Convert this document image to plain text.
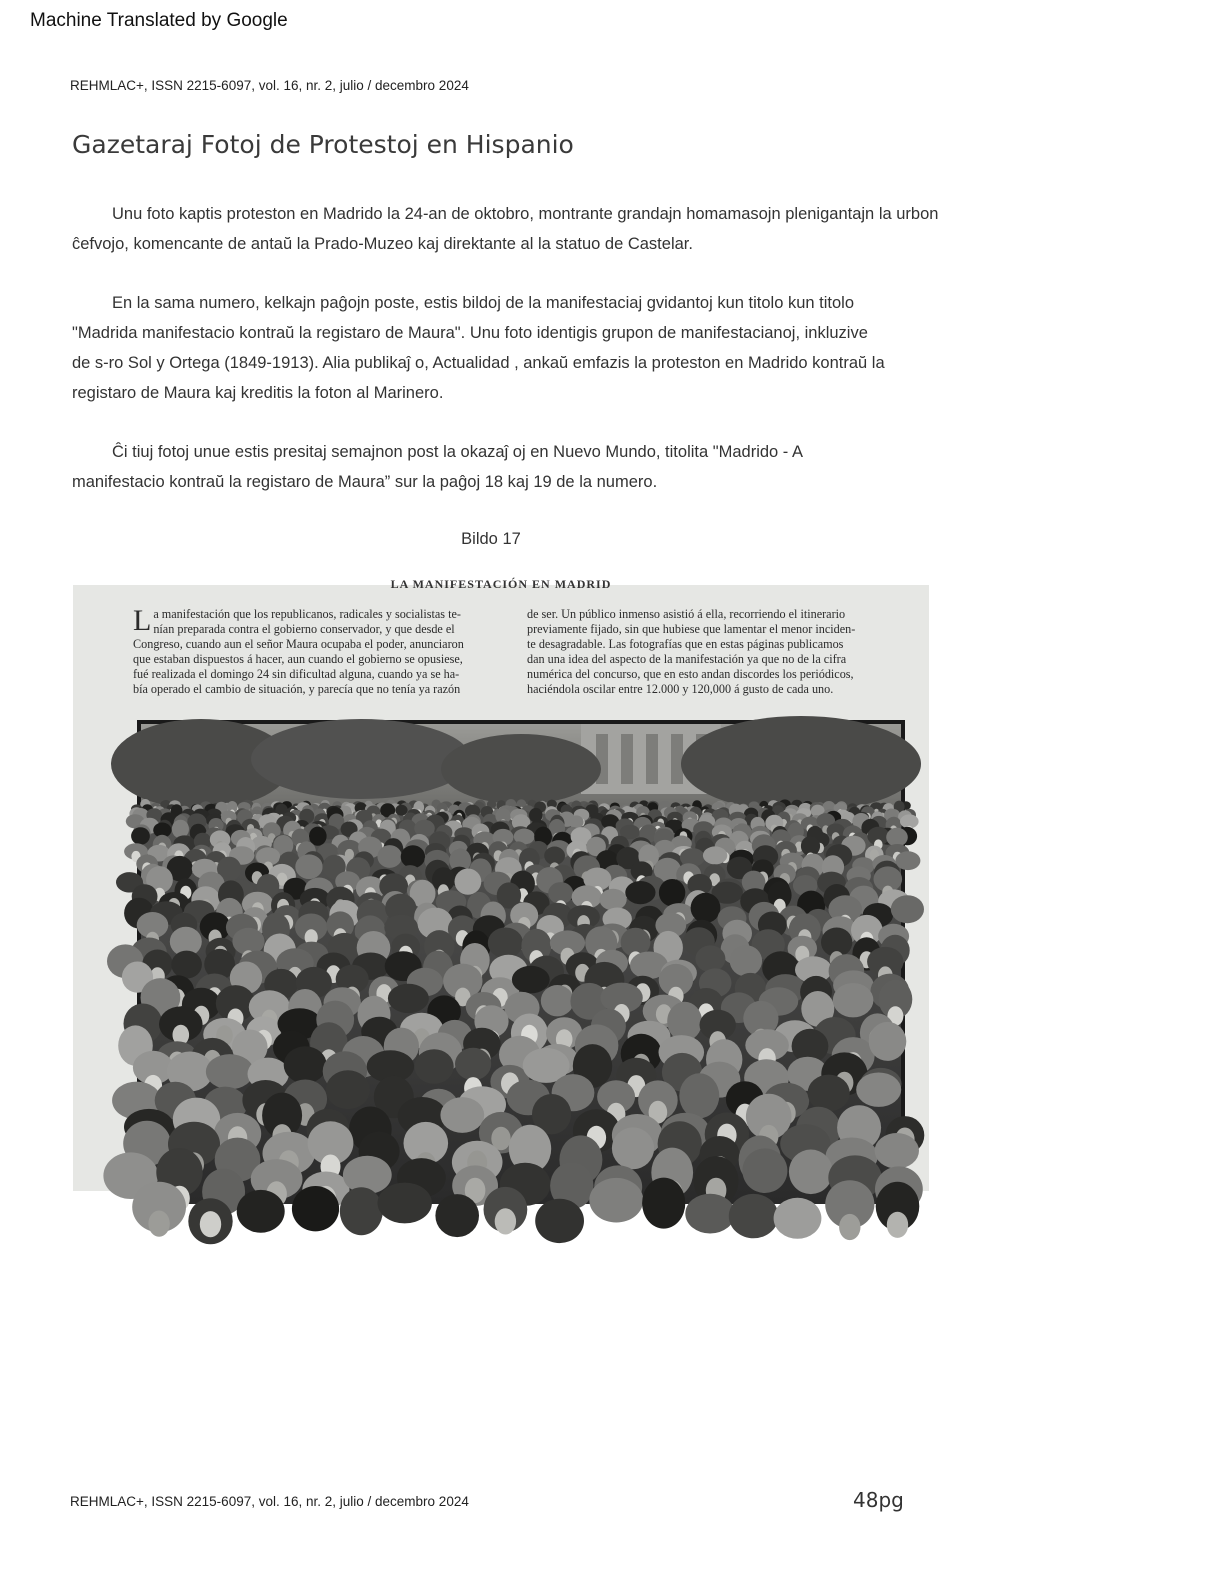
Machine Translated by Google
REHMLAC+, ISSN 2215-6097, vol. 16, nr. 2, julio / decembro 2024
Gazetaraj Fotoj de Protestoj en Hispanio

Unu foto kaptis proteston en Madrido la 24-an de oktobro, montrante grandajn homamasojn plenigantajn la urbon
ĉefvojo, komencante de antaŭ la Prado-Muzeo kaj direktante al la statuo de Castelar.

En la sama numero, kelkajn paĝojn poste, estis bildoj de la manifestaciaj gvidantoj kun titolo kun titolo
"Madrida manifestacio kontraŭ la registaro de Maura". Unu foto identigis grupon de manifestacianoj, inkluzive
de s-ro Sol y Ortega (1849-1913). Alia publikaĵ o, Actualidad , ankaŭ emfazis la proteston en Madrido kontraŭ la
registaro de Maura kaj kreditis la foton al Marinero.

Ĉi tiuj fotoj unue estis presitaj semajnon post la okazaĵ oj en Nuevo Mundo, titolita "Madrido - A
manifestacio kontraŭ la registaro de Maura” sur la paĝoj 18 kaj 19 de la numero.

Bildo 17
LA MANIFESTACIÓN EN MADRID
L a manifestación que los republicanos, radicales y socialistas te-
nían preparada contra el gobierno conservador, y que desde el
Congreso, cuando aun el señor Maura ocupaba el poder, anunciaron
que estaban dispuestos á hacer, aun cuando el gobierno se opusiese,
fué realizada el domingo 24 sin dificultad alguna, cuando ya se ha-
bía operado el cambio de situación, y parecía que no tenía ya razón
de ser. Un público inmenso asistió á ella, recorriendo el itinerario
previamente fijado, sin que hubiese que lamentar el menor inciden-
te desagradable. Las fotografías que en estas páginas publicamos
dan una idea del aspecto de la manifestación ya que no de la cifra
numérica del concurso, que en esto andan discordes los periódicos,
haciéndola oscilar entre 12.000 y 120,000 á gusto de cada uno.
REHMLAC+, ISSN 2215-6097, vol. 16, nr. 2, julio / decembro 2024	48pg
